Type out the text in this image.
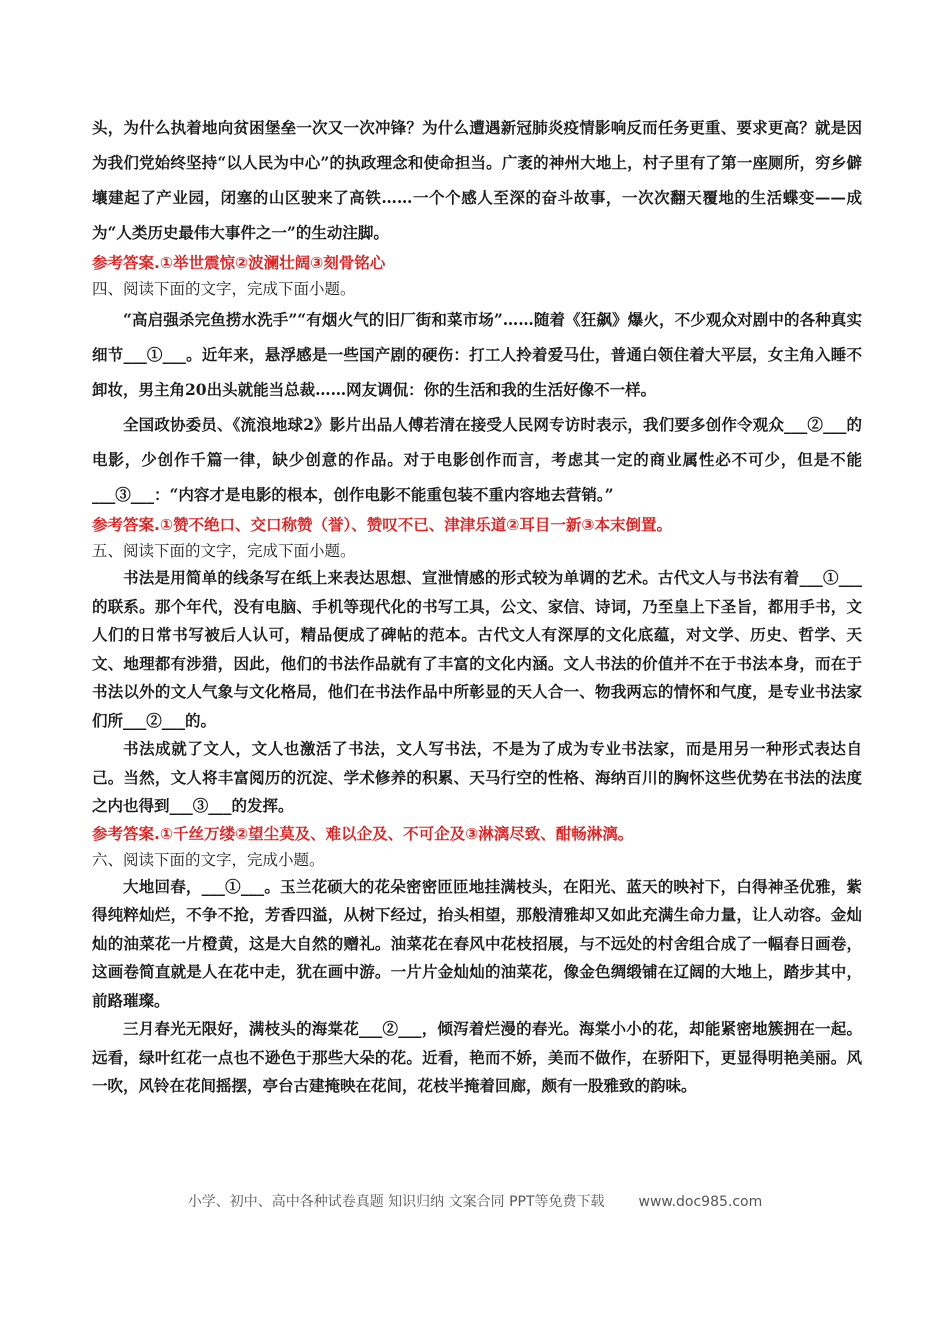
头，为什么执着地向贫困堡垒一次又一次冲锋？为什么遭遇新冠肺炎疫情影响反而任务更重、要求更高？就是因为我们党始终坚持“以人民为中心”的执政理念和使命担当。广袤的神州大地上，村子里有了第一座厕所，穷乡僻壤建起了产业园，闭塞的山区驶来了高铁……一个个感人至深的奋斗故事，一次次翻天覆地的生活蝶变——成为“人类历史最伟大事件之一”的生动注脚。

参考答案.①举世震惊②波澜壮阔③刻骨铭心

四、阅读下面的文字，完成下面小题。

“高启强杀完鱼捞水洗手”“有烟火气的旧厂街和菜市场”……随着《狂飙》爆火，不少观众对剧中的各种真实细节___①___。近年来，悬浮感是一些国产剧的硬伤：打工人拎着爱马仕，普通白领住着大平层，女主角入睡不卸妆，男主角20出头就能当总裁……网友调侃：你的生活和我的生活好像不一样。

全国政协委员、《流浪地球2》影片出品人傅若清在接受人民网专访时表示，我们要多创作令观众___②___的电影，少创作千篇一律，缺少创意的作品。对于电影创作而言，考虑其一定的商业属性必不可少，但是不能___③___：“内容才是电影的根本，创作电影不能重包装不重内容地去营销。”

参考答案.①赞不绝口、交口称赞（誉）、赞叹不已、津津乐道②耳目一新③本末倒置。

五、阅读下面的文字，完成下面小题。

书法是用简单的线条写在纸上来表达思想、宣泄情感的形式较为单调的艺术。古代文人与书法有着___①___的联系。那个年代，没有电脑、手机等现代化的书写工具，公文、家信、诗词，乃至皇上下圣旨，都用手书，文人们的日常书写被后人认可，精品便成了碑帖的范本。古代文人有深厚的文化底蕴，对文学、历史、哲学、天文、地理都有涉猎，因此，他们的书法作品就有了丰富的文化内涵。文人书法的价值并不在于书法本身，而在于书法以外的文人气象与文化格局，他们在书法作品中所彰显的天人合一、物我两忘的情怀和气度，是专业书法家们所___②___的。

书法成就了文人，文人也激活了书法，文人写书法，不是为了成为专业书法家，而是用另一种形式表达自己。当然，文人将丰富阅历的沉淀、学术修养的积累、天马行空的性格、海纳百川的胸怀这些优势在书法的法度之内也得到___③___的发挥。

参考答案.①千丝万缕②望尘莫及、难以企及、不可企及③淋漓尽致、酣畅淋漓。

六、阅读下面的文字，完成小题。

大地回春，___①___。玉兰花硕大的花朵密密匝匝地挂满枝头，在阳光、蓝天的映衬下，白得神圣优雅，紫得纯粹灿烂，不争不抢，芳香四溢，从树下经过，抬头相望，那般清雅却又如此充满生命力量，让人动容。金灿灿的油菜花一片橙黄，这是大自然的赠礼。油菜花在春风中花枝招展，与不远处的村舍组合成了一幅春日画卷，这画卷简直就是人在花中走，犹在画中游。一片片金灿灿的油菜花，像金色绸缎铺在辽阔的大地上，踏步其中，前路璀璨。

三月春光无限好，满枝头的海棠花___②___，倾泻着烂漫的春光。海棠小小的花，却能紧密地簇拥在一起。远看，绿叶红花一点也不逊色于那些大朵的花。近看，艳而不娇，美而不做作，在骄阳下，更显得明艳美丽。风一吹，风铃在花间摇摆，亭台古建掩映在花间，花枝半掩着回廊，颇有一股雅致的韵味。

小学、初中、高中各种试卷真题 知识归纳 文案合同 PPT等免费下载 www.doc985.com
